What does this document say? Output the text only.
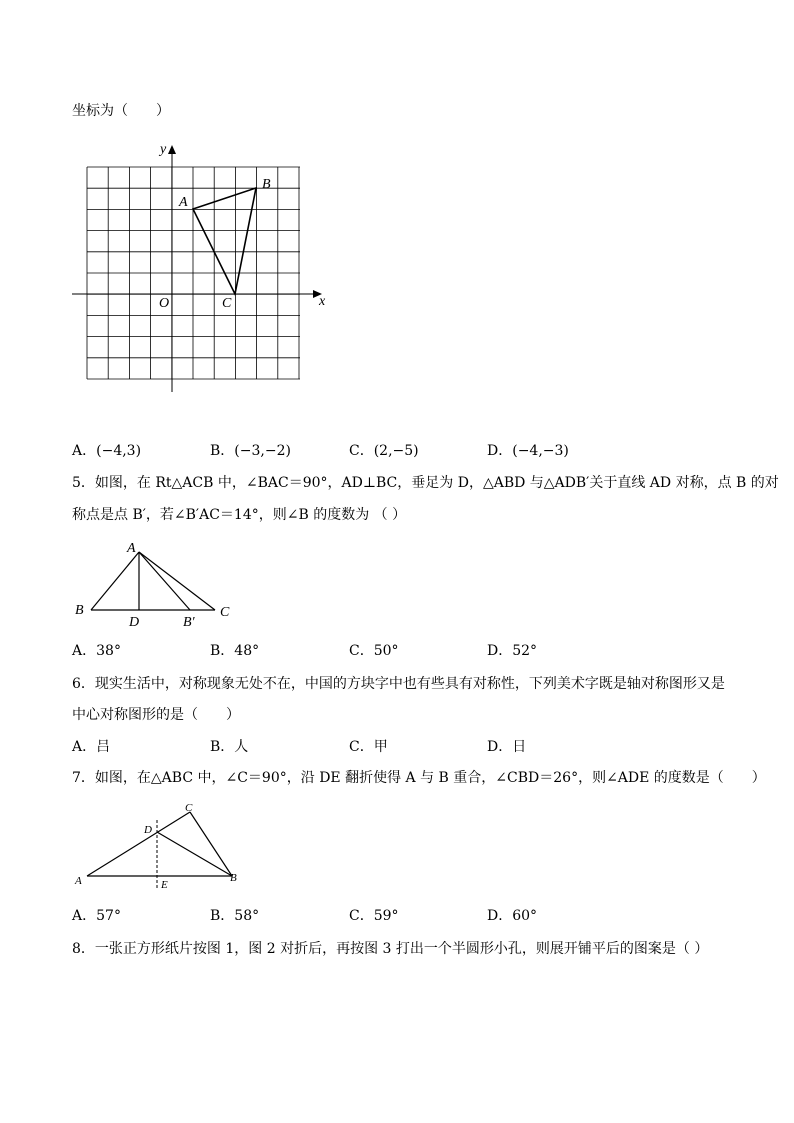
坐标为（　　）
y
x
O
A
B
C
A．(−4,3)	B．(−3,−2)	C．(2,−5)	D．(−4,−3)
5．如图，在 Rt△ACB 中，∠BAC＝90°，AD⊥BC，垂足为 D，△ABD 与△ADB′关于直线 AD 对称，点 B 的对
称点是点 B′，若∠B′AC＝14°，则∠B 的度数为 （ ）
A
B	C
D	B′
A．38°	B．48°	C．50°	D．52°
6．现实生活中，对称现象无处不在，中国的方块字中也有些具有对称性，下列美术字既是轴对称图形又是
中心对称图形的是（　　）
A．吕	B．人	C．甲	D．日
7．如图，在△ABC 中，∠C＝90°，沿 DE 翻折使得 A 与 B 重合，∠CBD＝26°，则∠ADE 的度数是（　　）
A	B
C
D
E
A．57°	B．58°	C．59°	D．60°
8．一张正方形纸片按图 1，图 2 对折后，再按图 3 打出一个半圆形小孔，则展开铺平后的图案是（ ）
